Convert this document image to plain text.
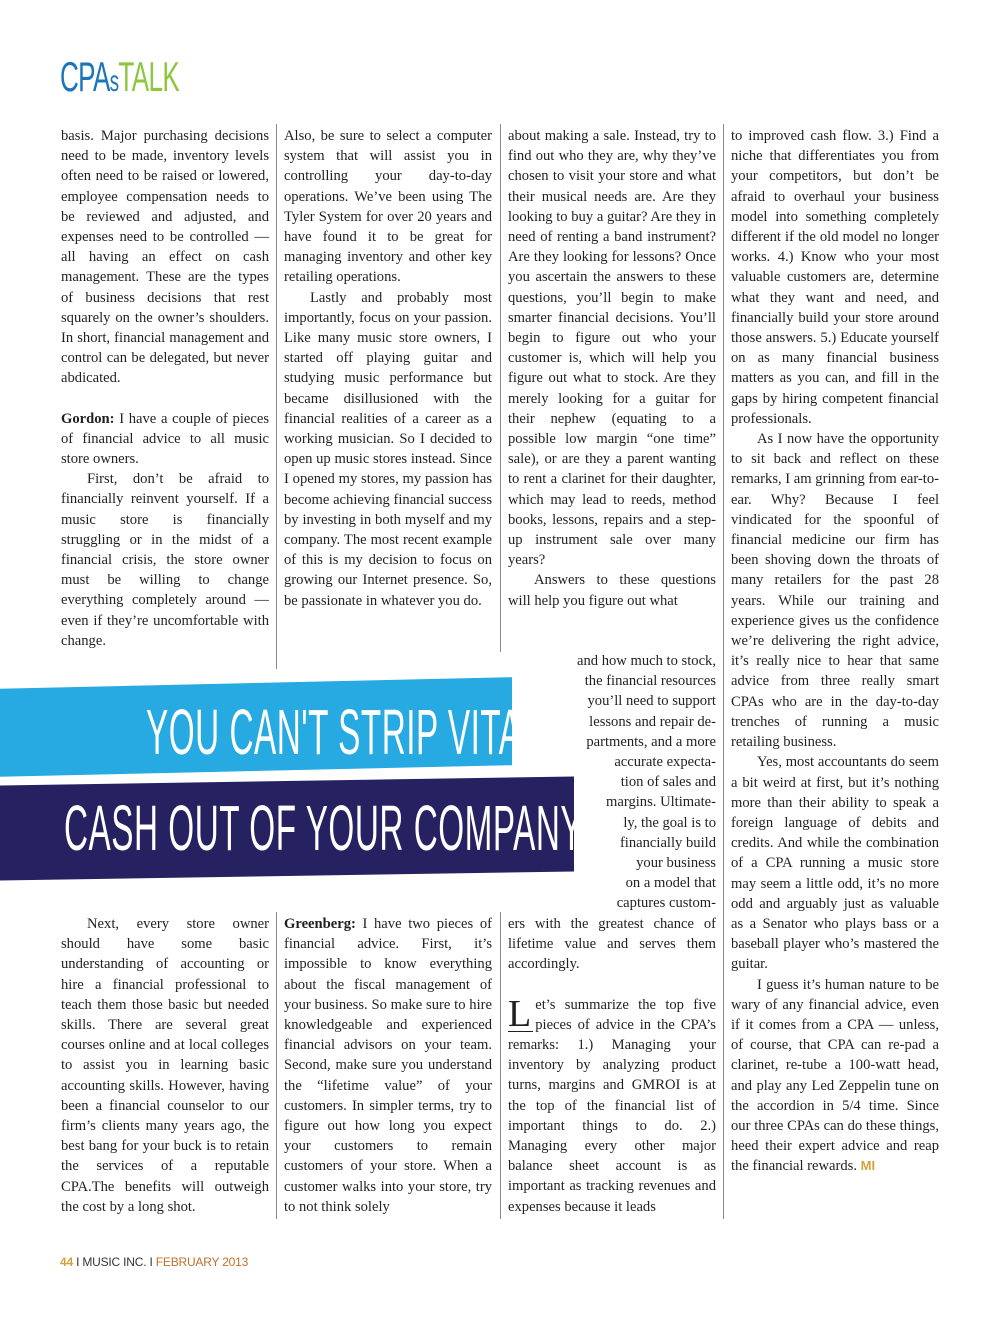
CPAsTALK
YOU CAN'T STRIP VITAL
CASH OUT OF YOUR COMPANY

basis. Major purchasing decisions need to be made, inventory levels often need to be raised or lowered, employee compensation needs to be reviewed and adjusted, and expenses need to be controlled — all having an effect on cash management. These are the types of business decisions that rest squarely on the owner’s shoulders. In short, financial management and control can be delegated, but never abdicated.

Gordon: I have a couple of pieces of financial advice to all music store owners.

First, don’t be afraid to financially reinvent yourself. If a music store is financially struggling or in the midst of a financial crisis, the store owner must be willing to change everything completely around — even if they’re uncomfortable with change.

Also, be sure to select a computer system that will assist you in controlling your day-to-day operations. We’ve been using The Tyler System for over 20 years and have found it to be great for managing inventory and other key retailing operations.

Lastly and probably most importantly, focus on your passion. Like many music store owners, I started off playing guitar and studying music performance but became disillusioned with the financial realities of a career as a working musician. So I decided to open up music stores instead. Since I opened my stores, my passion has become achieving financial success by investing in both myself and my company. The most recent example of this is my decision to focus on growing our Internet presence. So, be passionate in whatever you do.

about making a sale. Instead, try to find out who they are, why they’ve chosen to visit your store and what their musical needs are. Are they looking to buy a guitar? Are they in need of renting a band instrument? Are they looking for lessons? Once you ascertain the answers to these questions, you’ll begin to make smarter financial decisions. You’ll begin to figure out who your customer is, which will help you figure out what to stock. Are they merely looking for a guitar for their nephew (equating to a possible low margin “one time” sale), or are they a parent wanting to rent a clarinet for their daughter, which may lead to reeds, method books, lessons, repairs and a step-up instrument sale over many years?

Answers to these questions will help you figure out what

and how much to stock,
the financial resources
you’ll need to support
lessons and repair de-
partments, and a more
accurate expecta-
tion of sales and
margins. Ultimate-
ly, the goal is to
financially build
your business
on a model that
captures custom-

Next, every store owner should have some basic understanding of accounting or hire a financial professional to teach them those basic but needed skills. There are several great courses online and at local colleges to assist you in learning basic accounting skills. However, having been a financial counselor to our firm’s clients many years ago, the best bang for your buck is to retain the services of a reputable CPA.The benefits will outweigh the cost by a long shot.

Greenberg: I have two pieces of financial advice. First, it’s impossible to know everything about the fiscal management of your business. So make sure to hire knowledgeable and experienced financial advisors on your team. Second, make sure you understand the “lifetime value” of your customers. In simpler terms, try to figure out how long you expect your customers to remain customers of your store. When a customer walks into your store, try to not think solely

ers with the greatest chance of lifetime value and serves them accordingly.

L et’s summarize the top five pieces of advice in the CPA’s remarks: 1.) Managing your inventory by analyzing product turns, margins and GMROI is at the top of the financial list of important things to do. 2.) Managing every other major balance sheet account is as important as tracking revenues and expenses because it leads

to improved cash flow. 3.) Find a niche that differentiates you from your competitors, but don’t be afraid to overhaul your business model into something completely different if the old model no longer works. 4.) Know who your most valuable customers are, determine what they want and need, and financially build your store around those answers. 5.) Educate yourself on as many financial business matters as you can, and fill in the gaps by hiring competent financial professionals.

As I now have the opportunity to sit back and reflect on these remarks, I am grinning from ear-to-ear. Why? Because I feel vindicated for the spoonful of financial medicine our firm has been shoving down the throats of many retailers for the past 28 years. While our training and experience gives us the confidence we’re delivering the right advice, it’s really nice to hear that same advice from three really smart CPAs who are in the day-to-day trenches of running a music retailing business.

Yes, most accountants do seem a bit weird at first, but it’s nothing more than their ability to speak a foreign language of debits and credits. And while the combination of a CPA running a music store may seem a little odd, it’s no more odd and arguably just as valuable as a Senator who plays bass or a baseball player who’s mastered the guitar.

I guess it’s human nature to be wary of any financial advice, even if it comes from a CPA — unless, of course, that CPA can re-pad a clarinet, re-tube a 100-watt head, and play any Led Zeppelin tune on the accordion in 5/4 time. Since our three CPAs can do these things, heed their expert advice and reap the financial rewards. MI

44 I MUSIC INC. I FEBRUARY 2013
